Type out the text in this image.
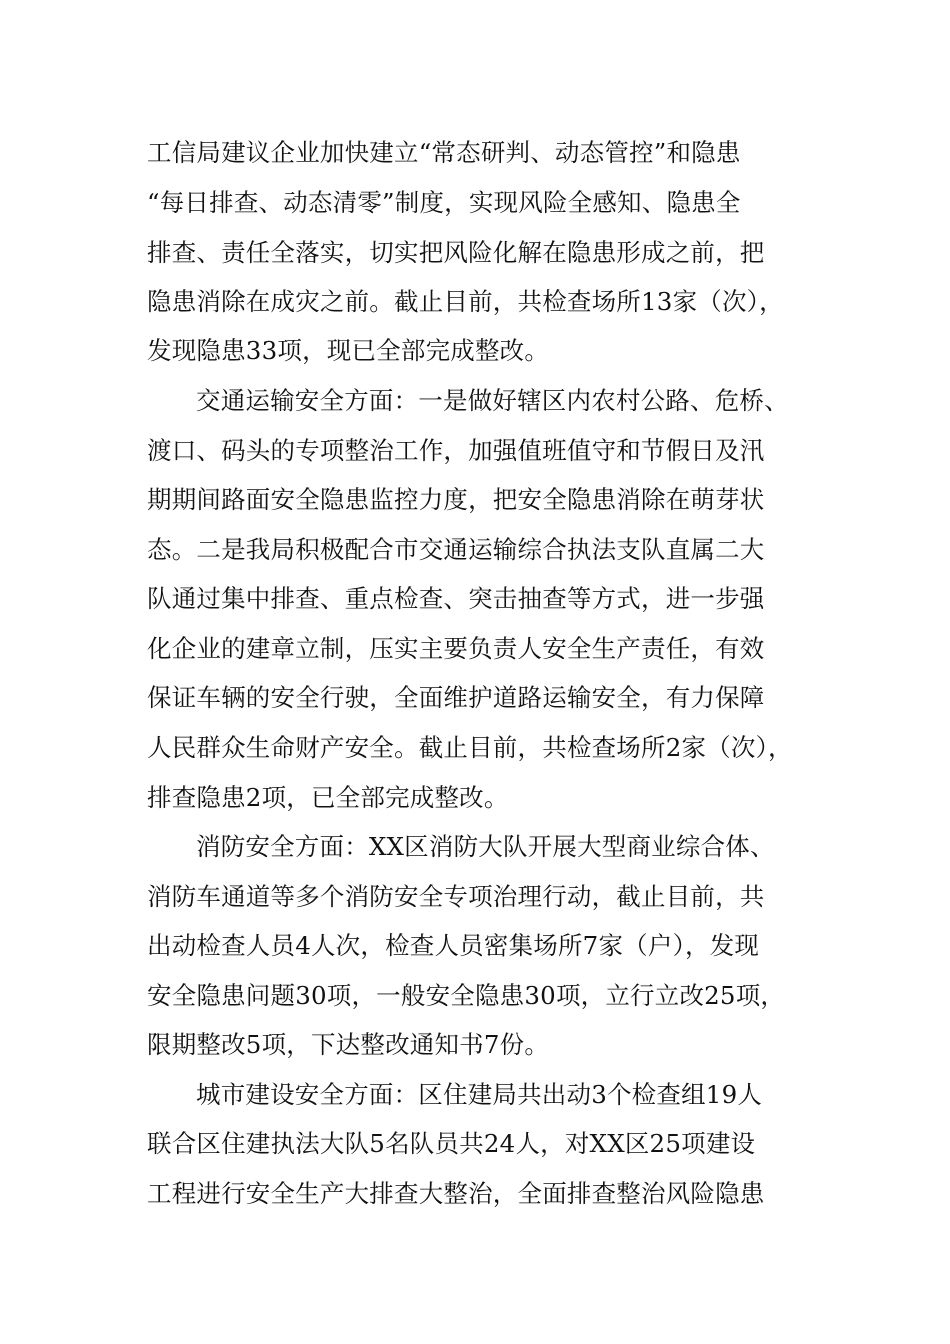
工信局建议企业加快建立“常态研判、动态管控”和隐患
“每日排查、动态清零”制度，实现风险全感知、隐患全
排查、责任全落实，切实把风险化解在隐患形成之前，把
隐患消除在成灾之前。截止目前，共检查场所13家（次），
发现隐患33项，现已全部完成整改。
交通运输安全方面：一是做好辖区内农村公路、危桥、
渡口、码头的专项整治工作，加强值班值守和节假日及汛
期期间路面安全隐患监控力度，把安全隐患消除在萌芽状
态。二是我局积极配合市交通运输综合执法支队直属二大
队通过集中排查、重点检查、突击抽查等方式，进一步强
化企业的建章立制，压实主要负责人安全生产责任，有效
保证车辆的安全行驶，全面维护道路运输安全，有力保障
人民群众生命财产安全。截止目前，共检查场所2家（次），
排查隐患2项，已全部完成整改。
消防安全方面：XX区消防大队开展大型商业综合体、
消防车通道等多个消防安全专项治理行动，截止目前，共
出动检查人员4人次，检查人员密集场所7家（户），发现
安全隐患问题30项，一般安全隐患30项，立行立改25项，
限期整改5项，下达整改通知书7份。
城市建设安全方面：区住建局共出动3个检查组19人
联合区住建执法大队5名队员共24人，对XX区25项建设
工程进行安全生产大排查大整治，全面排查整治风险隐患
